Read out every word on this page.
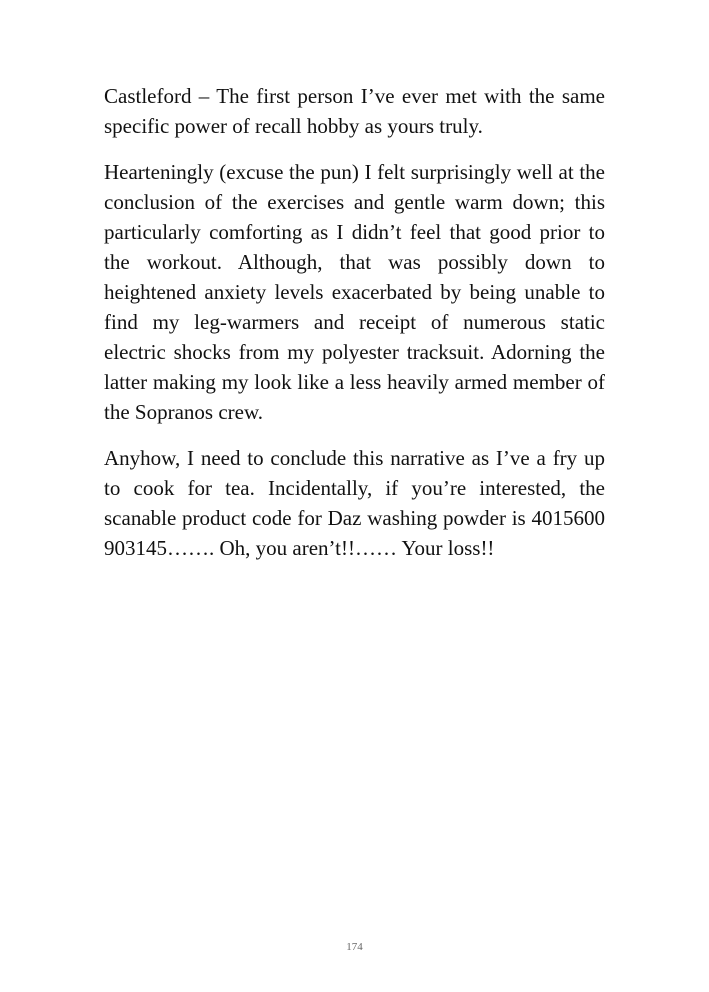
Castleford – The first person I’ve ever met with the same specific power of recall hobby as yours truly.

Hearteningly (excuse the pun) I felt surprisingly well at the conclusion of the exercises and gentle warm down; this particularly comforting as I didn’t feel that good prior to the workout. Although, that was possibly down to heightened anxiety levels exacerbated by being unable to find my leg-warmers and receipt of numerous static electric shocks from my polyester tracksuit. Adorning the latter making my look like a less heavily armed member of the Sopranos crew.

Anyhow, I need to conclude this narrative as I’ve a fry up to cook for tea. Incidentally, if you’re interested, the scanable product code for Daz washing powder is 4015600 903145……. Oh, you aren’t!!…… Your loss!!

174
